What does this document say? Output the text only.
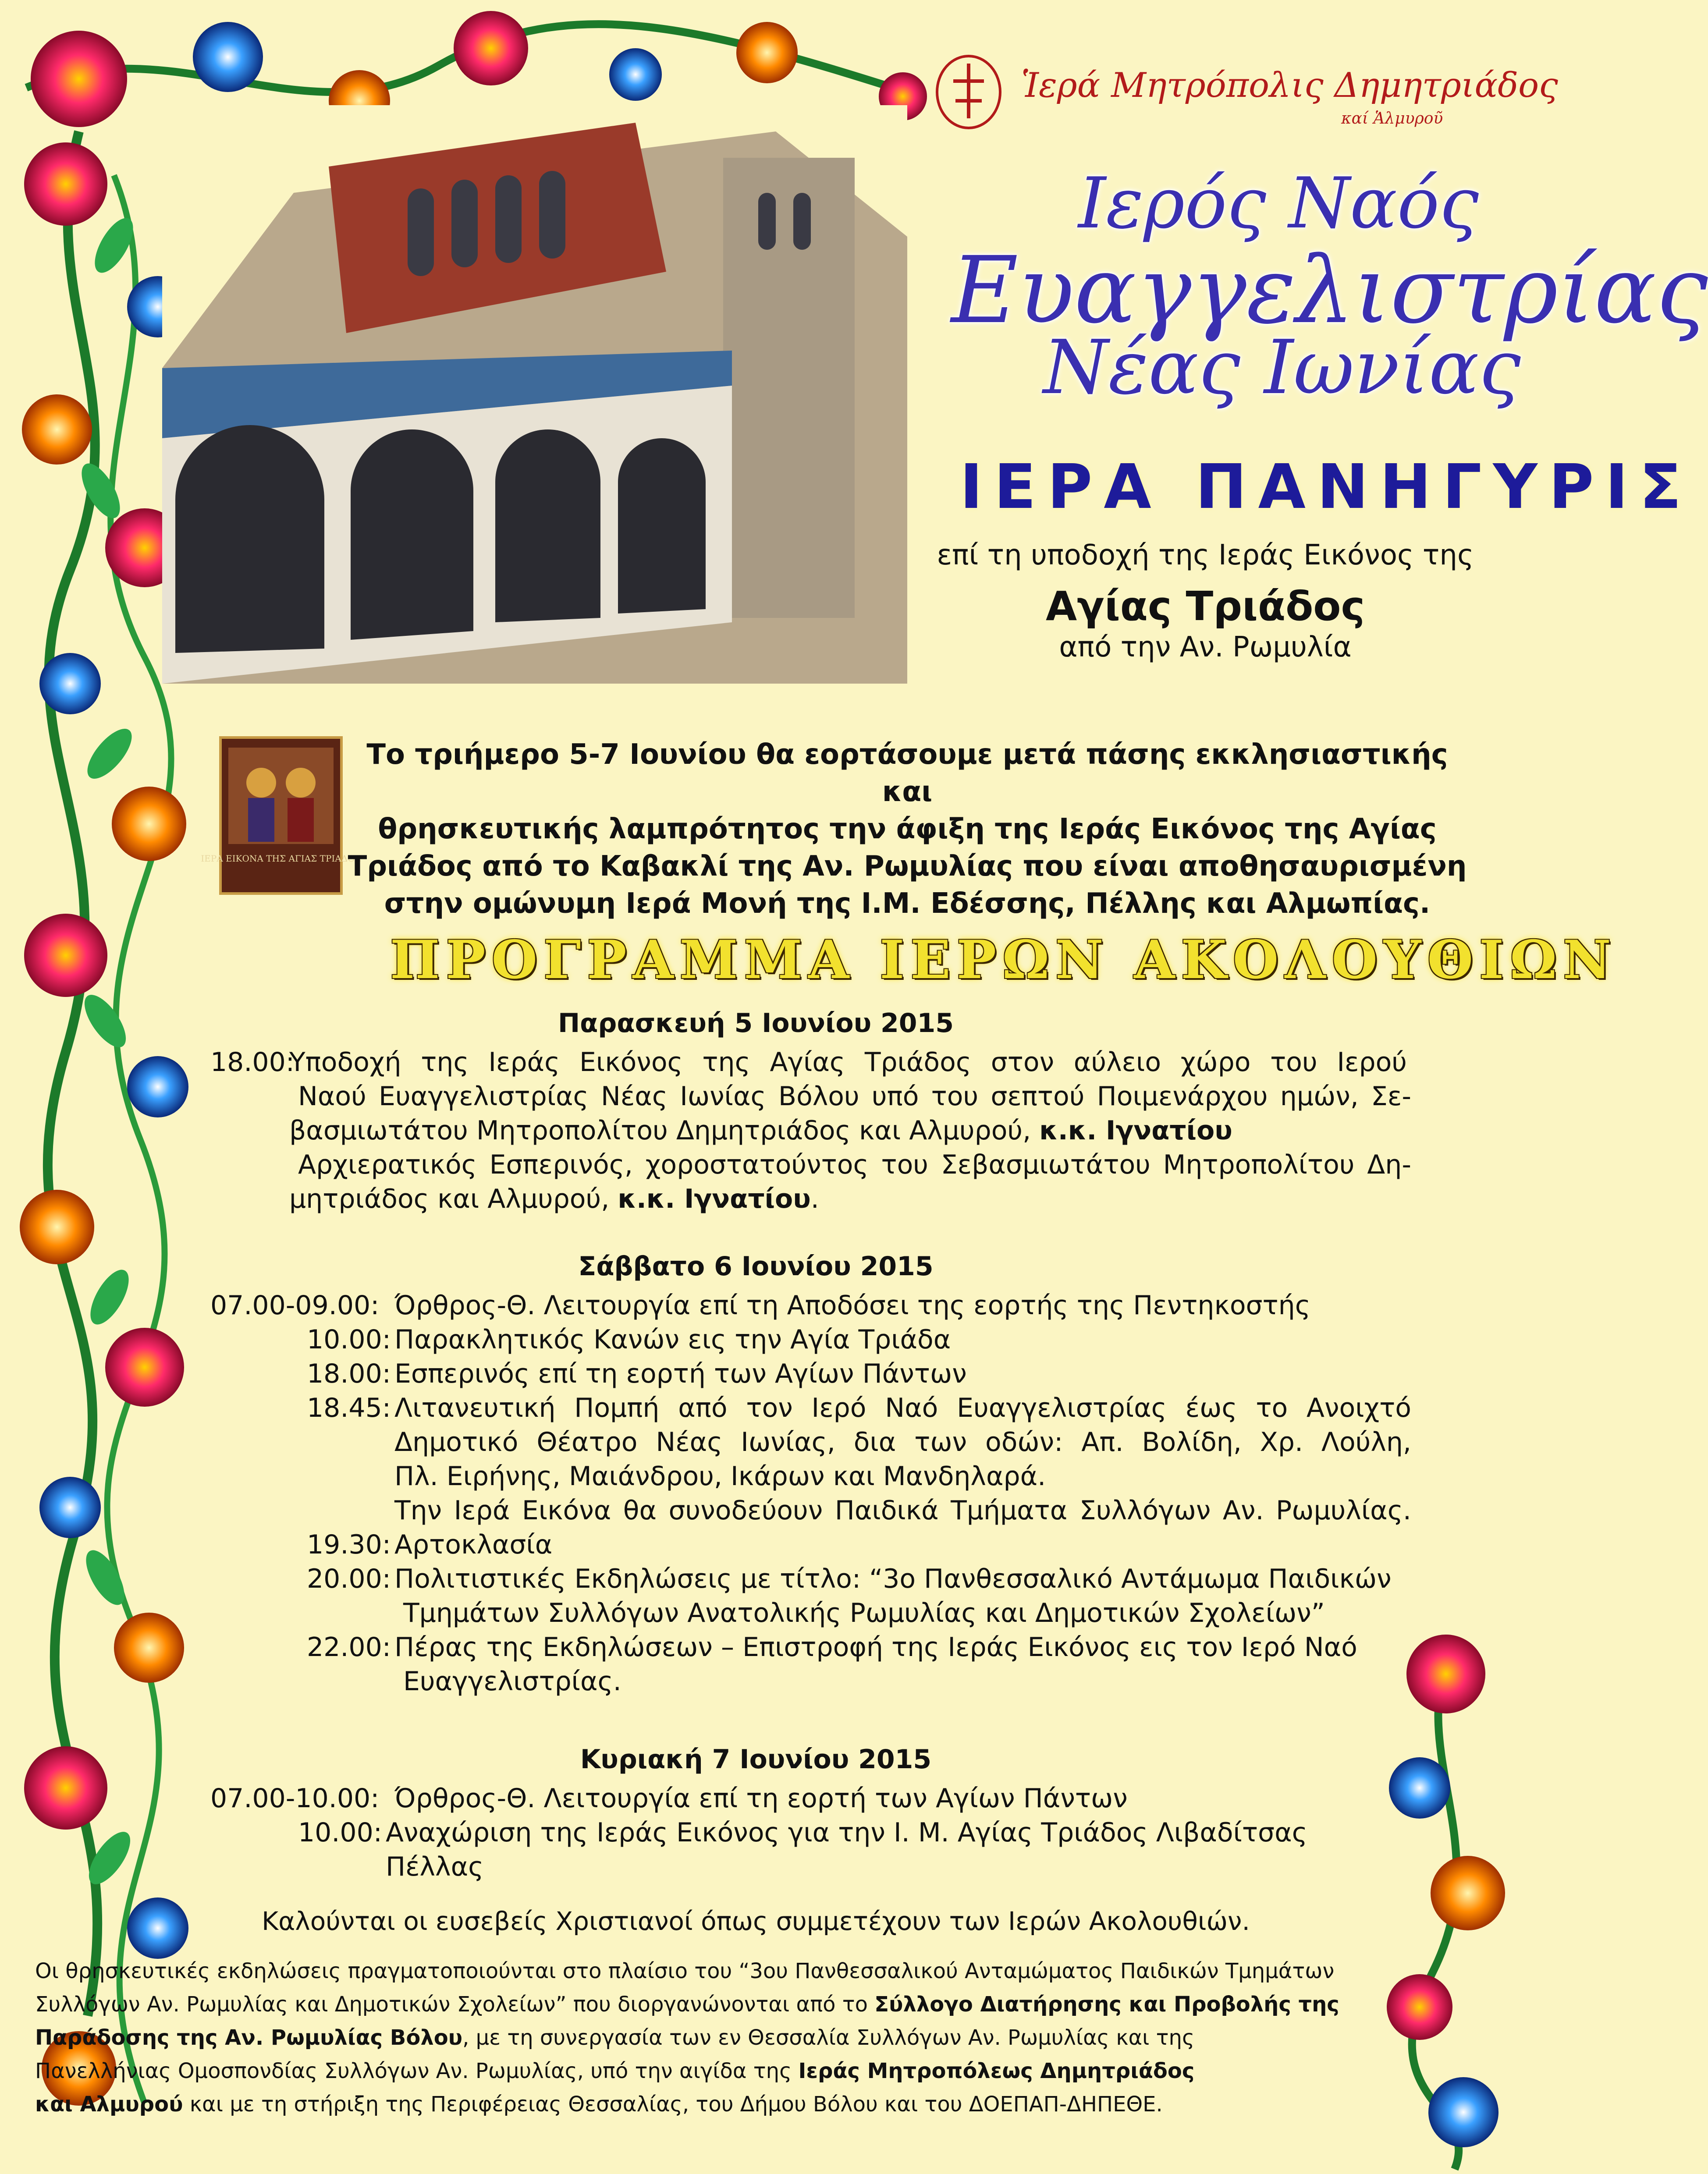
Ἱερά Μητρόπολις Δημητριάδος
καί Ἁλμυροῦ
Ιερός Ναός
Ευαγγελιστρίας
Νέας Ιωνίας
ΙΕΡΑ ΠΑΝΗΓΥΡΙΣ
επί τη υποδοχή της Ιεράς Εικόνος της
Αγίας Τριάδος
από την Αν. Ρωμυλία
ΙΕΡΑ ΕΙΚΟΝΑ ΤΗΣ ΑΓΙΑΣ ΤΡΙΑΔΟΣ
Το τριήμερο 5-7 Ιουνίου θα εορτάσουμε μετά πάσης εκκλησιαστικής και
θρησκευτικής λαμπρότητος την άφιξη της Ιεράς Εικόνος της Αγίας
Τριάδος από το Καβακλί της Αν. Ρωμυλίας που είναι αποθησαυρισμένη
στην ομώνυμη Ιερά Μονή της Ι.Μ. Εδέσσης, Πέλλης και Αλμωπίας.
ΠΡΟΓΡΑΜΜΑ ΙΕΡΩΝ ΑΚΟΛΟΥΘΙΩΝ
Παρασκευή 5 Ιουνίου 2015
18.00:
Υποδοχή της Ιεράς Εικόνος της Αγίας Τριάδος στον αύλειο χώρο του Ιερού
Ναού Ευαγγελιστρίας Νέας Ιωνίας Βόλου υπό του σεπτού Ποιμενάρχου ημών, Σε-
βασμιωτάτου Μητροπολίτου Δημητριάδος και Αλμυρού, κ.κ. Ιγνατίου
Αρχιερατικός Εσπερινός, χοροστατούντος του Σεβασμιωτάτου Μητροπολίτου Δη-
μητριάδος και Αλμυρού, κ.κ. Ιγνατίου.
Σάββατο 6 Ιουνίου 2015
07.00-09.00: Όρθρος-Θ. Λειτουργία επί τη Αποδόσει της εορτής της Πεντηκοστής
10.00: Παρακλητικός Κανών εις την Αγία Τριάδα
18.00: Εσπερινός επί τη εορτή των Αγίων Πάντων
18.45: Λιτανευτική Πομπή από τον Ιερό Ναό Ευαγγελιστρίας έως το Ανοιχτό
Δημοτικό Θέατρο Νέας Ιωνίας, δια των οδών: Απ. Βολίδη, Χρ. Λούλη,
Πλ. Ειρήνης, Μαιάνδρου, Ικάρων και Μανδηλαρά.
Την Ιερά Εικόνα θα συνοδεύουν Παιδικά Τμήματα Συλλόγων Αν. Ρωμυλίας.
19.30: Αρτοκλασία
20.00: Πολιτιστικές Εκδηλώσεις με τίτλο: “3ο Πανθεσσαλικό Αντάμωμα Παιδικών
Τμημάτων Συλλόγων Ανατολικής Ρωμυλίας και Δημοτικών Σχολείων”
22.00: Πέρας της Εκδηλώσεων – Επιστροφή της Ιεράς Εικόνος εις τον Ιερό Ναό
Ευαγγελιστρίας.
Κυριακή 7 Ιουνίου 2015
07.00-10.00: Όρθρος-Θ. Λειτουργία επί τη εορτή των Αγίων Πάντων
10.00: Αναχώριση της Ιεράς Εικόνος για την Ι. Μ. Αγίας Τριάδος Λιβαδίτσας
Πέλλας
Καλούνται οι ευσεβείς Χριστιανοί όπως συμμετέχουν των Ιερών Ακολουθιών.
Οι θρησκευτικές εκδηλώσεις πραγματοποιούνται στο πλαίσιο του “3ου Πανθεσσαλικού Ανταμώματος Παιδικών Τμημάτων
Συλλόγων Αν. Ρωμυλίας και Δημοτικών Σχολείων” που διοργανώνονται από το Σύλλογο Διατήρησης και Προβολής της
Παράδοσης της Αν. Ρωμυλίας Βόλου, με τη συνεργασία των εν Θεσσαλία Συλλόγων Αν. Ρωμυλίας και της
Πανελλήνιας Ομοσπονδίας Συλλόγων Αν. Ρωμυλίας, υπό την αιγίδα της Ιεράς Μητροπόλεως Δημητριάδος
και Αλμυρού και με τη στήριξη της Περιφέρειας Θεσσαλίας, του Δήμου Βόλου και του ΔΟΕΠΑΠ-ΔΗΠΕΘΕ.
